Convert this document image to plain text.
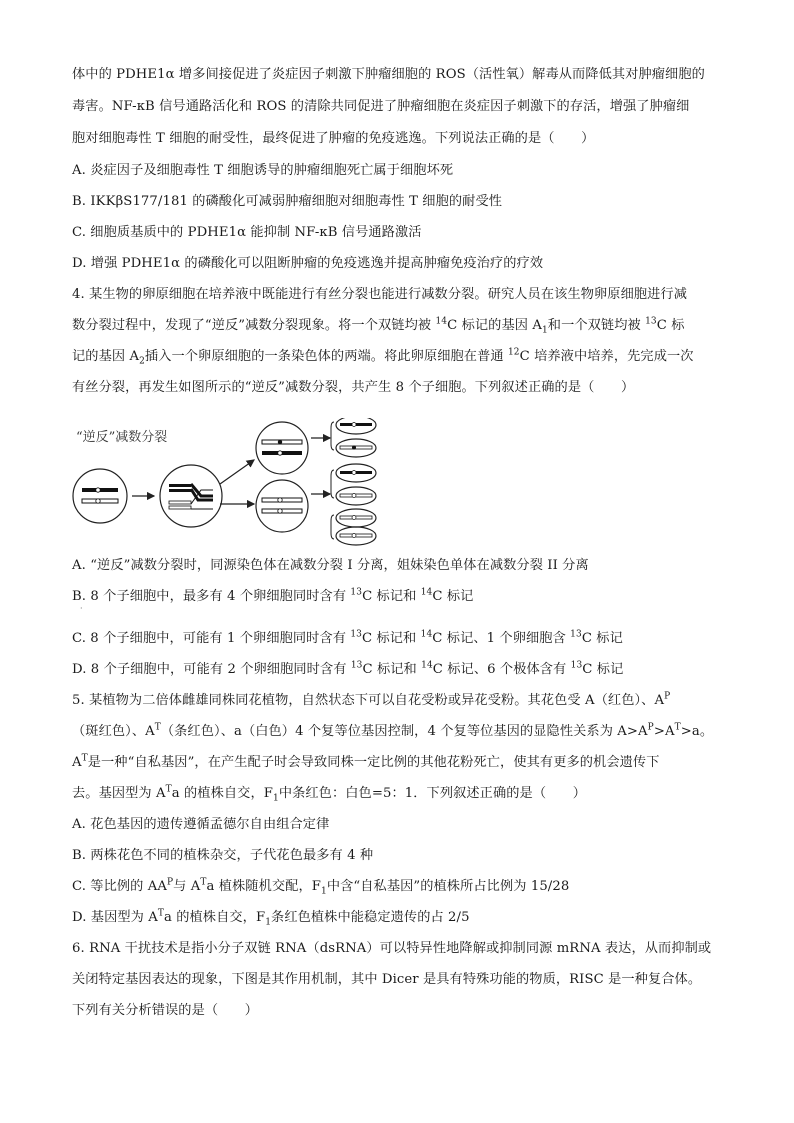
体中的 PDHE1α 增多间接促进了炎症因子刺激下肿瘤细胞的 ROS（活性氧）解毒从而降低其对肿瘤细胞的
毒害。NF-κB 信号通路活化和 ROS 的清除共同促进了肿瘤细胞在炎症因子刺激下的存活，增强了肿瘤细
胞对细胞毒性 T 细胞的耐受性，最终促进了肿瘤的免疫逃逸。下列说法正确的是（　　）
A. 炎症因子及细胞毒性 T 细胞诱导的肿瘤细胞死亡属于细胞坏死
B. IKKβS177/181 的磷酸化可减弱肿瘤细胞对细胞毒性 T 细胞的耐受性
C. 细胞质基质中的 PDHE1α 能抑制 NF-κB 信号通路激活
D. 增强 PDHE1α 的磷酸化可以阻断肿瘤的免疫逃逸并提高肿瘤免疫治疗的疗效
4. 某生物的卵原细胞在培养液中既能进行有丝分裂也能进行减数分裂。研究人员在该生物卵原细胞进行减
数分裂过程中，发现了“逆反”减数分裂现象。将一个双链均被 $^{14}$C 标记的基因 $A_1$和一个双链均被 $^{13}$C 标
记的基因 $A_2$插入一个卵原细胞的一条染色体的两端。将此卵原细胞在普通 $^{12}$C 培养液中培养，先完成一次
有丝分裂，再发生如图所示的“逆反”减数分裂，共产生 8 个子细胞。下列叙述正确的是（　　）
“逆反”减数分裂
A. “逆反”减数分裂时，同源染色体在减数分裂 I 分离，姐妹染色单体在减数分裂 II 分离
B. 8 个子细胞中，最多有 4 个卵细胞同时含有 $^{13}$C 标记和 $^{14}$C 标记
·
C. 8 个子细胞中，可能有 1 个卵细胞同时含有 $^{13}$C 标记和 $^{14}$C 标记、1 个卵细胞含 $^{13}$C 标记
D. 8 个子细胞中，可能有 2 个卵细胞同时含有 $^{13}$C 标记和 $^{14}$C 标记、6 个极体含有 $^{13}$C 标记
5. 某植物为二倍体雌雄同株同花植物，自然状态下可以自花受粉或异花受粉。其花色受 A（红色）、$A^P$
（斑红色）、$A^T$（条红色）、a（白色）4 个复等位基因控制，4 个复等位基因的显隐性关系为 $A>A^P>A^T>a$。
$A^T$是一种“自私基因”，在产生配子时会导致同株一定比例的其他花粉死亡，使其有更多的机会遗传下
去。基因型为 $A^Ta$ 的植株自交，$F_1$中条红色：白色=5：1．下列叙述正确的是（　　）
A. 花色基因的遗传遵循孟德尔自由组合定律
B. 两株花色不同的植株杂交，子代花色最多有 4 种
C. 等比例的 $AA^P$与 $A^Ta$ 植株随机交配，$F_1$中含“自私基因”的植株所占比例为 15/28
D. 基因型为 $A^Ta$ 的植株自交，$F_1$条红色植株中能稳定遗传的占 2/5
6. RNA 干扰技术是指小分子双链 RNA（dsRNA）可以特异性地降解或抑制同源 mRNA 表达，从而抑制或
关闭特定基因表达的现象，下图是其作用机制，其中 Dicer 是具有特殊功能的物质，RISC 是一种复合体。
下列有关分析错误的是（　　）
